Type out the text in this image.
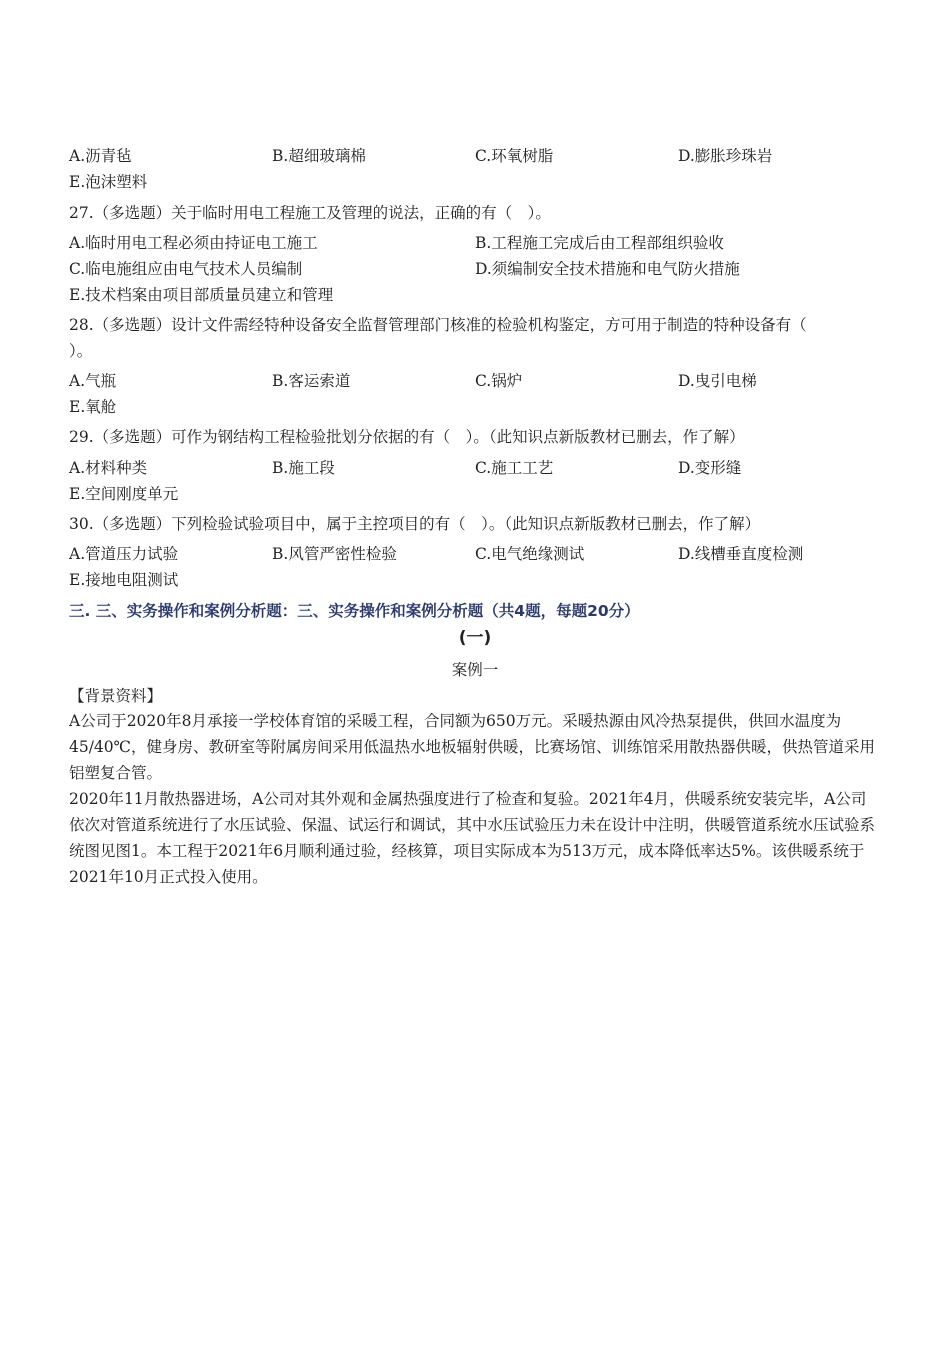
A.沥青毡	B.超细玻璃棉	C.环氧树脂	D.膨胀珍珠岩
E.泡沫塑料
27.（多选题）关于临时用电工程施工及管理的说法，正确的有（　）。
A.临时用电工程必须由持证电工施工	B.工程施工完成后由工程部组织验收
C.临电施组应由电气技术人员编制	D.须编制安全技术措施和电气防火措施
E.技术档案由项目部质量员建立和管理
28.（多选题）设计文件需经特种设备安全监督管理部门核准的检验机构鉴定，方可用于制造的特种设备有（
）。
A.气瓶	B.客运索道	C.锅炉	D.曳引电梯
E.氧舱
29.（多选题）可作为钢结构工程检验批划分依据的有（　）。（此知识点新版教材已删去，作了解）
A.材料种类	B.施工段	C.施工工艺	D.变形缝
E.空间刚度单元
30.（多选题）下列检验试验项目中，属于主控项目的有（　）。（此知识点新版教材已删去，作了解）
A.管道压力试验	B.风管严密性检验	C.电气绝缘测试	D.线槽垂直度检测
E.接地电阻测试
三. 三、实务操作和案例分析题：三、实务操作和案例分析题（共4题，每题20分）
(一)
案例一
【背景资料】
A公司于2020年8月承接一学校体育馆的采暖工程，合同额为650万元。采暖热源由风冷热泵提供，供回水温度为45/40℃，健身房、教研室等附属房间采用低温热水地板辐射供暖，比赛场馆、训练馆采用散热器供暖，供热管道采用铝塑复合管。
2020年11月散热器进场，A公司对其外观和金属热强度进行了检查和复验。2021年4月，供暖系统安装完毕，A公司依次对管道系统进行了水压试验、保温、试运行和调试，其中水压试验压力未在设计中注明，供暖管道系统水压试验系统图见图1。本工程于2021年6月顺利通过验，经核算，项目实际成本为513万元，成本降低率达5%。该供暖系统于2021年10月正式投入使用。
